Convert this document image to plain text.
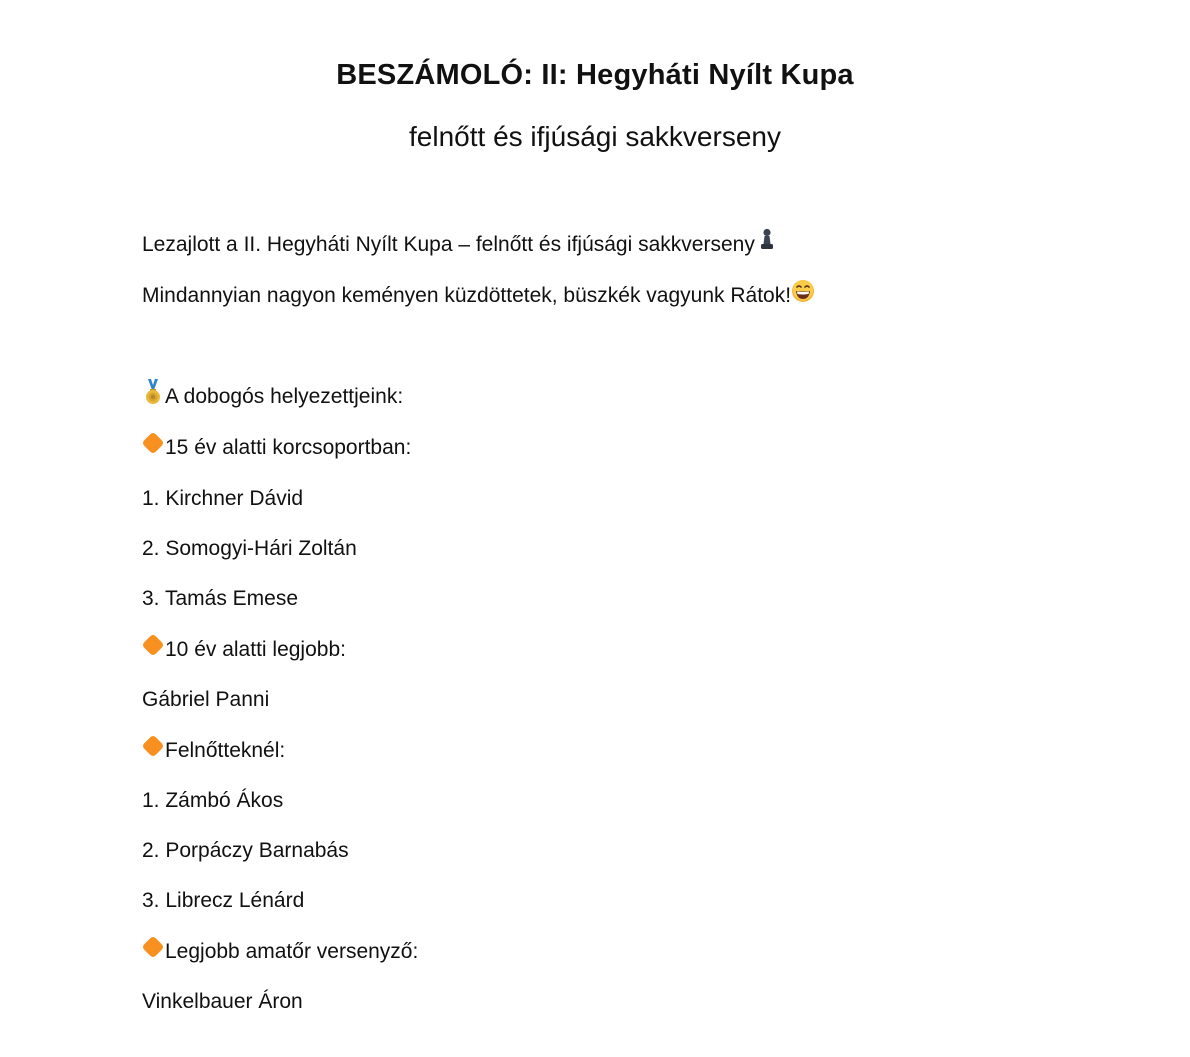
BESZÁMOLÓ: II: Hegyháti Nyílt Kupa
felnőtt és ifjúsági sakkverseny
Lezajlott a II. Hegyháti Nyílt Kupa – felnőtt és ifjúsági sakkverseny
Mindannyian nagyon keményen küzdöttetek, büszkék vagyunk Rátok!
A dobogós helyezettjeink:
15 év alatti korcsoportban:
1. Kirchner Dávid
2. Somogyi-Hári Zoltán
3. Tamás Emese
10 év alatti legjobb:
Gábriel Panni
Felnőtteknél:
1. Zámbó Ákos
2. Porpáczy Barnabás
3. Librecz Lénárd
Legjobb amatőr versenyző:
Vinkelbauer Áron
